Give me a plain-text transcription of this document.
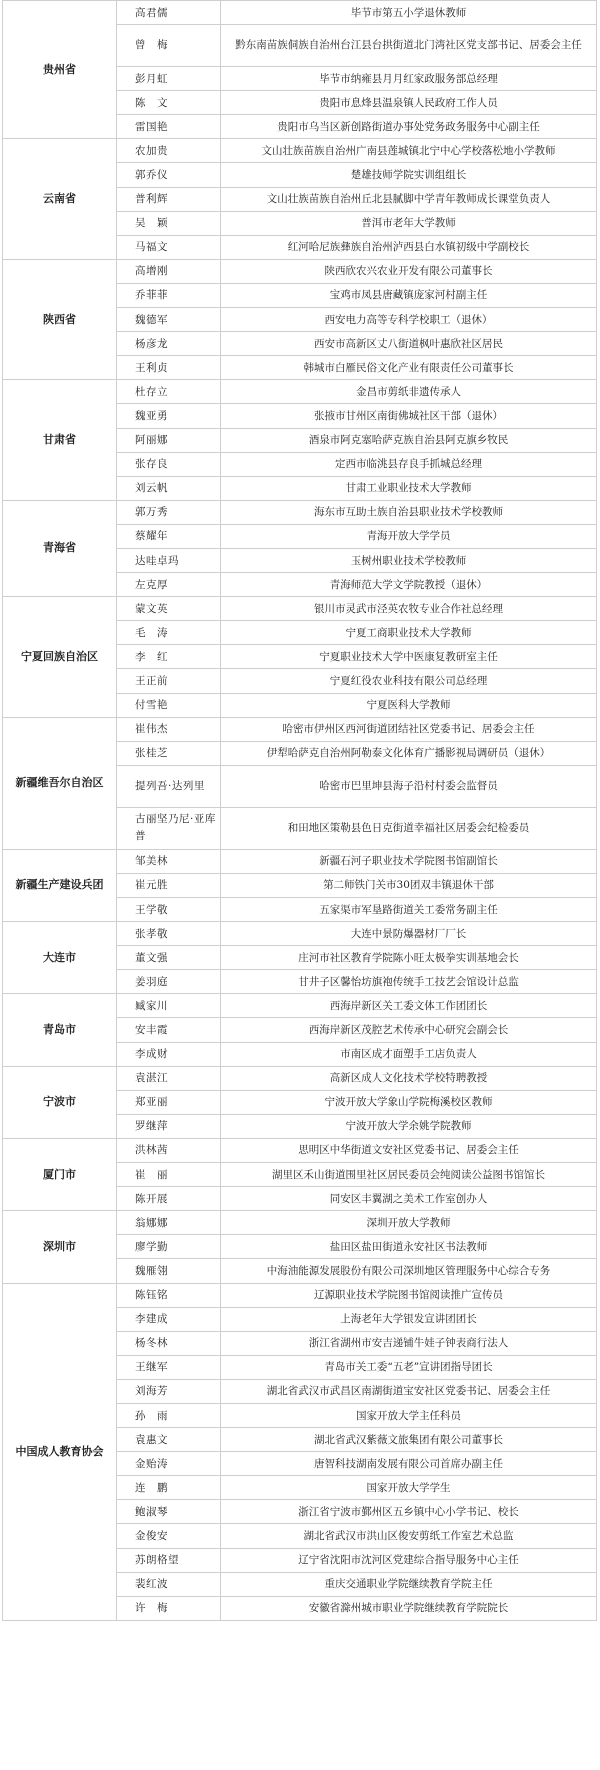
贵州省	高君儒	毕节市第五小学退休教师
	曾　梅	黔东南苗族侗族自治州台江县台拱街道北门湾社区党支部书记、居委会主任
	彭月虹	毕节市纳雍县月月红家政服务部总经理
	陈　文	贵阳市息烽县温泉镇人民政府工作人员
	雷国艳	贵阳市乌当区新创路街道办事处党务政务服务中心副主任
云南省	农加贵	文山壮族苗族自治州广南县莲城镇北宁中心学校落松地小学教师
	郭乔仪	楚雄技师学院实训组组长
	普利辉	文山壮族苗族自治州丘北县腻脚中学青年教师成长课堂负责人
	吴　颖	普洱市老年大学教师
	马福文	红河哈尼族彝族自治州泸西县白水镇初级中学副校长
陕西省	高增刚	陕西欣农兴农业开发有限公司董事长
	乔菲菲	宝鸡市凤县唐藏镇庞家河村副主任
	魏德军	西安电力高等专科学校职工（退休）
	杨彦龙	西安市高新区丈八街道枫叶惠欣社区居民
	王利贞	韩城市白雁民俗文化产业有限责任公司董事长
甘肃省	杜存立	金昌市剪纸非遗传承人
	魏亚勇	张掖市甘州区南街佛城社区干部（退休）
	阿丽娜	酒泉市阿克塞哈萨克族自治县阿克旗乡牧民
	张存良	定西市临洮县存良手抓城总经理
	刘云帆	甘肃工业职业技术大学教师
青海省	郭万秀	海东市互助土族自治县职业技术学校教师
	蔡耀年	青海开放大学学员
	达哇卓玛	玉树州职业技术学校教师
	左克厚	青海师范大学文学院教授（退休）
宁夏回族自治区	蒙文英	银川市灵武市泾英农牧专业合作社总经理
	毛　涛	宁夏工商职业技术大学教师
	李　红	宁夏职业技术大学中医康复教研室主任
	王正前	宁夏红役农业科技有限公司总经理
	付雪艳	宁夏医科大学教师
新疆维吾尔自治区	崔伟杰	哈密市伊州区西河街道团结社区党委书记、居委会主任
	张桂芝	伊犁哈萨克自治州阿勒泰文化体育广播影视局调研员（退休）
	提列吾·达列里	哈密市巴里坤县海子沿村村委会监督员
	古丽坚乃尼·亚库普	和田地区策勒县色日克街道幸福社区居委会纪检委员
新疆生产建设兵团	邹美林	新疆石河子职业技术学院图书馆副馆长
	崔元胜	第二师铁门关市30团双丰镇退休干部
	王学敬	五家渠市军垦路街道关工委常务副主任
大连市	张孝敬	大连中景防爆器材厂厂长
	董文强	庄河市社区教育学院陈小旺太极拳实训基地会长
	姜羽庭	甘井子区馨怡坊旗袍传统手工技艺会馆设计总监
青岛市	臧家川	西海岸新区关工委文体工作团团长
	安丰霞	西海岸新区茂腔艺术传承中心研究会副会长
	李成财	市南区成才面塑手工店负责人
宁波市	袁湛江	高新区成人文化技术学校特聘教授
	郑亚丽	宁波开放大学象山学院梅溪校区教师
	罗继萍	宁波开放大学余姚学院教师
厦门市	洪林茜	思明区中华街道文安社区党委书记、居委会主任
	崔　丽	湖里区禾山街道围里社区居民委员会纯阅读公益图书馆馆长
	陈开展	同安区丰翼湖之美术工作室创办人
深圳市	翁娜娜	深圳开放大学教师
	廖学勤	盐田区盐田街道永安社区书法教师
	魏雁翎	中海油能源发展股份有限公司深圳地区管理服务中心综合专务
中国成人教育协会	陈钰铭	辽源职业技术学院图书馆阅读推广宣传员
	李建成	上海老年大学银发宣讲团团长
	杨冬林	浙江省湖州市安吉递铺牛娃子钟表商行法人
	王继军	青岛市关工委“五老”宣讲团指导团长
	刘海芳	湖北省武汉市武昌区南湖街道宝安社区党委书记、居委会主任
	孙　雨	国家开放大学主任科员
	袁惠文	湖北省武汉紫薇文旅集团有限公司董事长
	金贻涛	唐智科技湖南发展有限公司首席办副主任
	连　鹏	国家开放大学学生
	鲍淑琴	浙江省宁波市鄞州区五乡镇中心小学书记、校长
	金俊安	湖北省武汉市洪山区俊安剪纸工作室艺术总监
	苏朗格望	辽宁省沈阳市沈河区党建综合指导服务中心主任
	裴红波	重庆交通职业学院继续教育学院主任
	许　梅	安徽省滁州城市职业学院继续教育学院院长
